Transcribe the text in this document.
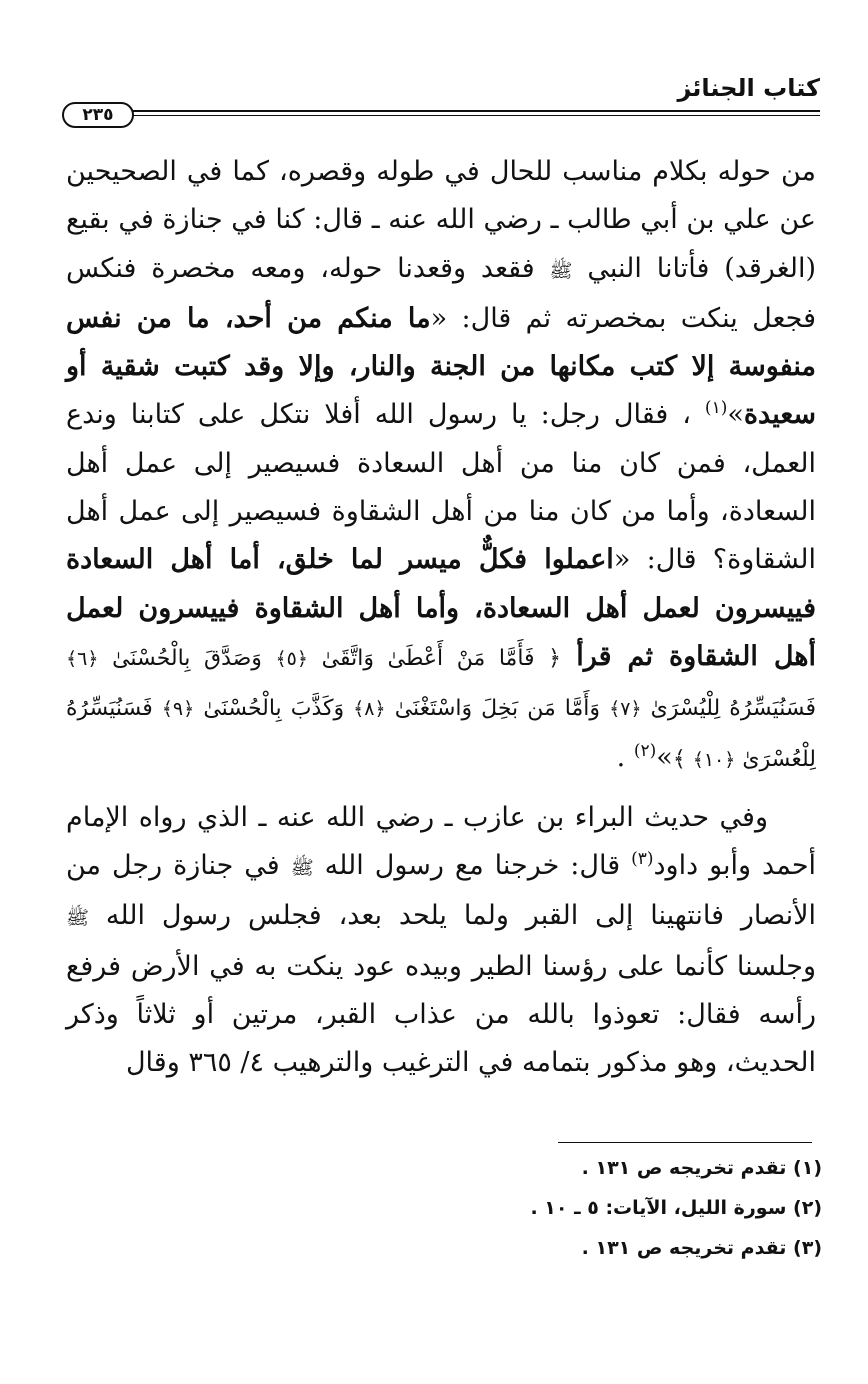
كتاب الجنائز
٢٣٥

من حوله بكلام مناسب للحال في طوله وقصره، كما في الصحيحين عن علي بن أبي طالب ـ رضي الله عنه ـ قال: كنا في جنازة في بقيع (الغرقد) فأتانا النبي ﷺ فقعد وقعدنا حوله، ومعه مخصرة فنكس فجعل ينكت بمخصرته ثم قال: «ما منكم من أحد، ما من نفس منفوسة إلا كتب مكانها من الجنة والنار، وإلا وقد كتبت شقية أو سعيدة»$^{(١)}$ ، فقال رجل: يا رسول الله أفلا نتكل على كتابنا وندع العمل، فمن كان منا من أهل السعادة فسيصير إلى عمل أهل السعادة، وأما من كان منا من أهل الشقاوة فسيصير إلى عمل أهل الشقاوة؟ قال: «اعملوا فكلٌّ ميسر لما خلق، أما أهل السعادة فييسرون لعمل أهل السعادة، وأما أهل الشقاوة فييسرون لعمل أهل الشقاوة ثم قرأ ﴿ فَأَمَّا مَنْ أَعْطَىٰ وَاتَّقَىٰ ﴿٥﴾ وَصَدَّقَ بِالْحُسْنَىٰ ﴿٦﴾ فَسَنُيَسِّرُهُ لِلْيُسْرَىٰ ﴿٧﴾ وَأَمَّا مَن بَخِلَ وَاسْتَغْنَىٰ ﴿٨﴾ وَكَذَّبَ بِالْحُسْنَىٰ ﴿٩﴾ فَسَنُيَسِّرُهُ لِلْعُسْرَىٰ ﴿١٠﴾ ﴾»$^{(٢)}$ .

وفي حديث البراء بن عازب ـ رضي الله عنه ـ الذي رواه الإمام أحمد وأبو داود$^{(٣)}$ قال: خرجنا مع رسول الله ﷺ في جنازة رجل من الأنصار فانتهينا إلى القبر ولما يلحد بعد، فجلس رسول الله ﷺ وجلسنا كأنما على رؤسنا الطير وبيده عود ينكت به في الأرض فرفع رأسه فقال: تعوذوا بالله من عذاب القبر، مرتين أو ثلاثاً وذكر الحديث، وهو مذكور بتمامه في الترغيب والترهيب ٤/ ٣٦٥ وقال

(١) تقدم تخريجه ص ١٣١ .
(٢) سورة الليل، الآيات: ٥ ـ ١٠ .
(٣) تقدم تخريجه ص ١٣١ .
